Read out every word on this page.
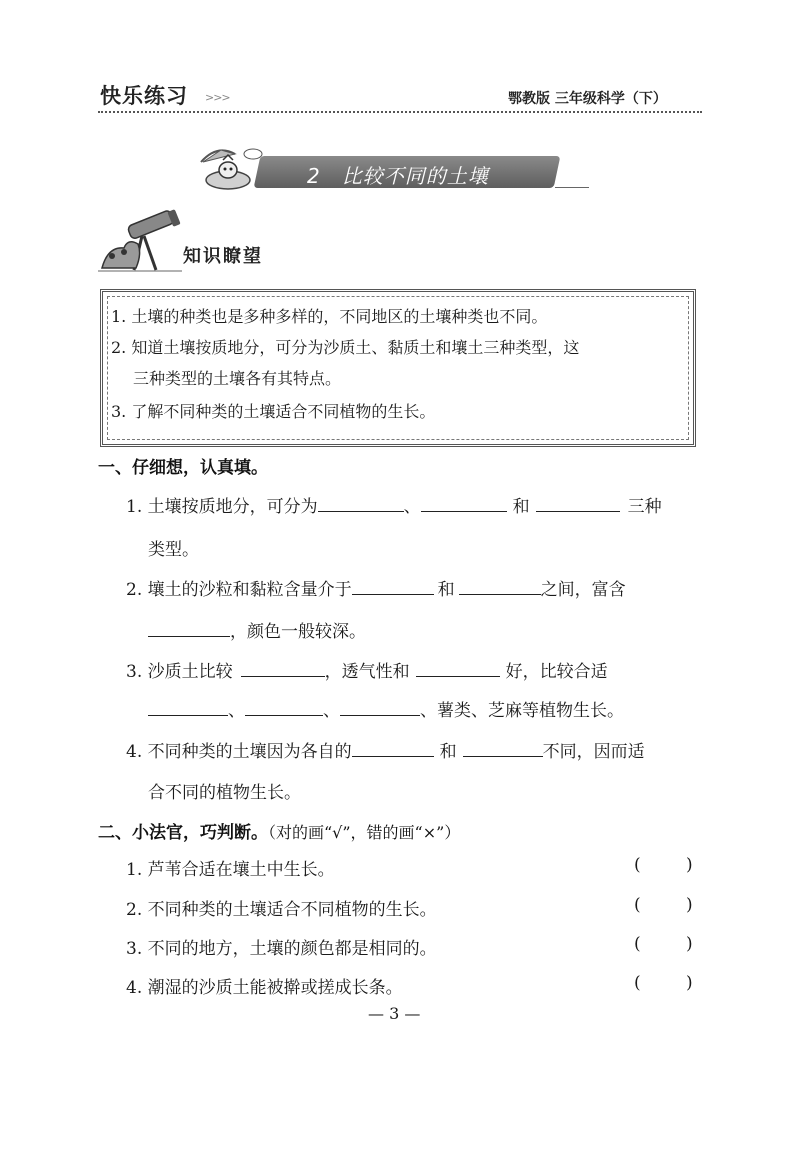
快乐练习 >>>	鄂教版 三年级科学（下）
2　比较不同的土壤
知识瞭望
1. 土壤的种类也是多种多样的，不同地区的土壤种类也不同。
2. 知道土壤按质地分，可分为沙质土、黏质土和壤土三种类型，这
三种类型的土壤各有其特点。
3. 了解不同种类的土壤适合不同植物的生长。
一、仔细想，认真填。
1. 土壤按质地分，可分为	、	和	三种
类型。
2. 壤土的沙粒和黏粒含量介于	和	之间，富含
，颜色一般较深。
3. 沙质土比较	，透气性和	好，比较合适
、	、	、薯类、芝麻等植物生长。
4. 不同种类的土壤因为各自的	和	不同，因而适
合不同的植物生长。
二、小法官，巧判断。（对的画“√”，错的画“×”）
1. 芦苇合适在壤土中生长。	(	)
2. 不同种类的土壤适合不同植物的生长。	(	)
3. 不同的地方，土壤的颜色都是相同的。	(	)
4. 潮湿的沙质土能被擀或搓成长条。	(	)
— 3 —
